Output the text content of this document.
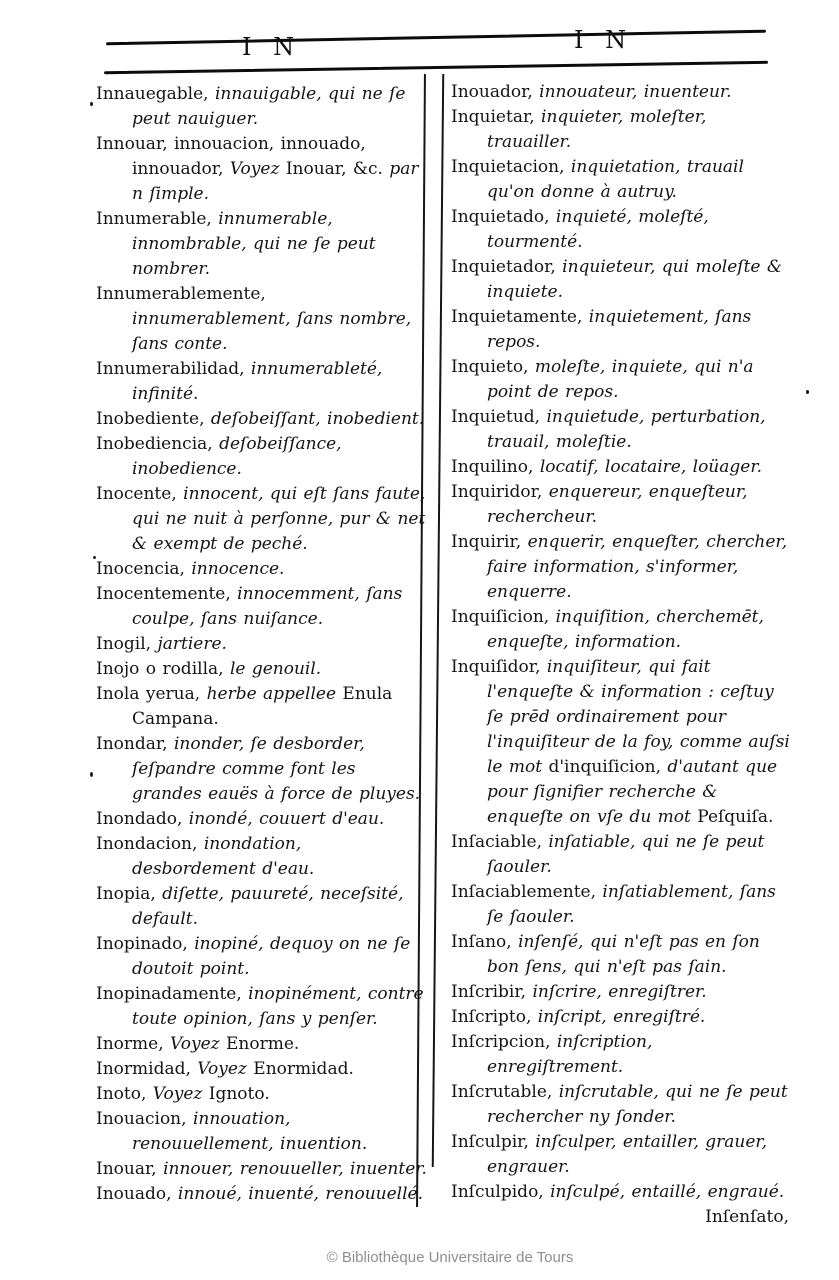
I N	I N

Innauegable, innauigable, qui ne ſe peut nauiguer.

Innouar, innouacion, innouado, innouador, Voyez Inouar, &c. par n ſimple.

Innumerable, innumerable, innombrable, qui ne ſe peut nombrer.

Innumerablemente, innumerablement, ſans nombre, ſans conte.

Innumerabilidad, innumerableté, infinité.

Inobediente, deſobeiſſant, inobedient.

Inobediencia, deſobeiſſance, inobedience.

Inocente, innocent, qui eſt ſans faute, qui ne nuit à perſonne, pur & net & exempt de peché.

Inocencia, innocence.

Inocentemente, innocemment, ſans coulpe, ſans nuiſance.

Inogil, jartiere.

Inojo o rodilla, le genouil.

Inola yerua, herbe appellee Enula Campana.

Inondar, inonder, ſe desborder, ſeſpandre comme font les grandes eauës à force de pluyes.

Inondado, inondé, couuert d'eau.

Inondacion, inondation, desbordement d'eau.

Inopia, diſette, pauureté, neceſsité, default.

Inopinado, inopiné, dequoy on ne ſe doutoit point.

Inopinadamente, inopinément, contre toute opinion, ſans y penſer.

Inorme, Voyez Enorme.

Inormidad, Voyez Enormidad.

Inoto, Voyez Ignoto.

Inouacion, innouation, renouuellement, inuention.

Inouar, innouer, renouueller, inuenter.

Inouado, innoué, inuenté, renouuellé.

Inouador, innouateur, inuenteur.

Inquietar, inquieter, moleſter, trauailler.

Inquietacion, inquietation, trauail qu'on donne à autruy.

Inquietado, inquieté, moleſté, tourmenté.

Inquietador, inquieteur, qui moleſte & inquiete.

Inquietamente, inquietement, ſans repos.

Inquieto, moleſte, inquiete, qui n'a point de repos.

Inquietud, inquietude, perturbation, trauail, moleſtie.

Inquilino, locatif, locataire, loüager.

Inquiridor, enquereur, enqueſteur, rechercheur.

Inquirir, enquerir, enqueſter, chercher, faire information, s'informer, enquerre.

Inquiſicion, inquiſition, cherchemēt, enqueſte, information.

Inquiſidor, inquiſiteur, qui fait l'enqueſte & information : ceſtuy ſe prēd ordinairement pour l'inquiſiteur de la foy, comme auſsi le mot d'inquiſicion, d'autant que pour ſignifier recherche & enqueſte on vſe du mot Peſquiſa.

Inſaciable, inſatiable, qui ne ſe peut ſaouler.

Inſaciablemente, inſatiablement, ſans ſe ſaouler.

Inſano, inſenſé, qui n'eſt pas en ſon bon ſens, qui n'eſt pas ſain.

Inſcribir, inſcrire, enregiſtrer.

Inſcripto, inſcript, enregiſtré.

Inſcripcion, inſcription, enregiſtrement.

Inſcrutable, inſcrutable, qui ne ſe peut rechercher ny ſonder.

Inſculpir, inſculper, entailler, grauer, engrauer.

Inſculpido, inſculpé, entaillé, engraué.

Inſenſato,

© Bibliothèque Universitaire de Tours
